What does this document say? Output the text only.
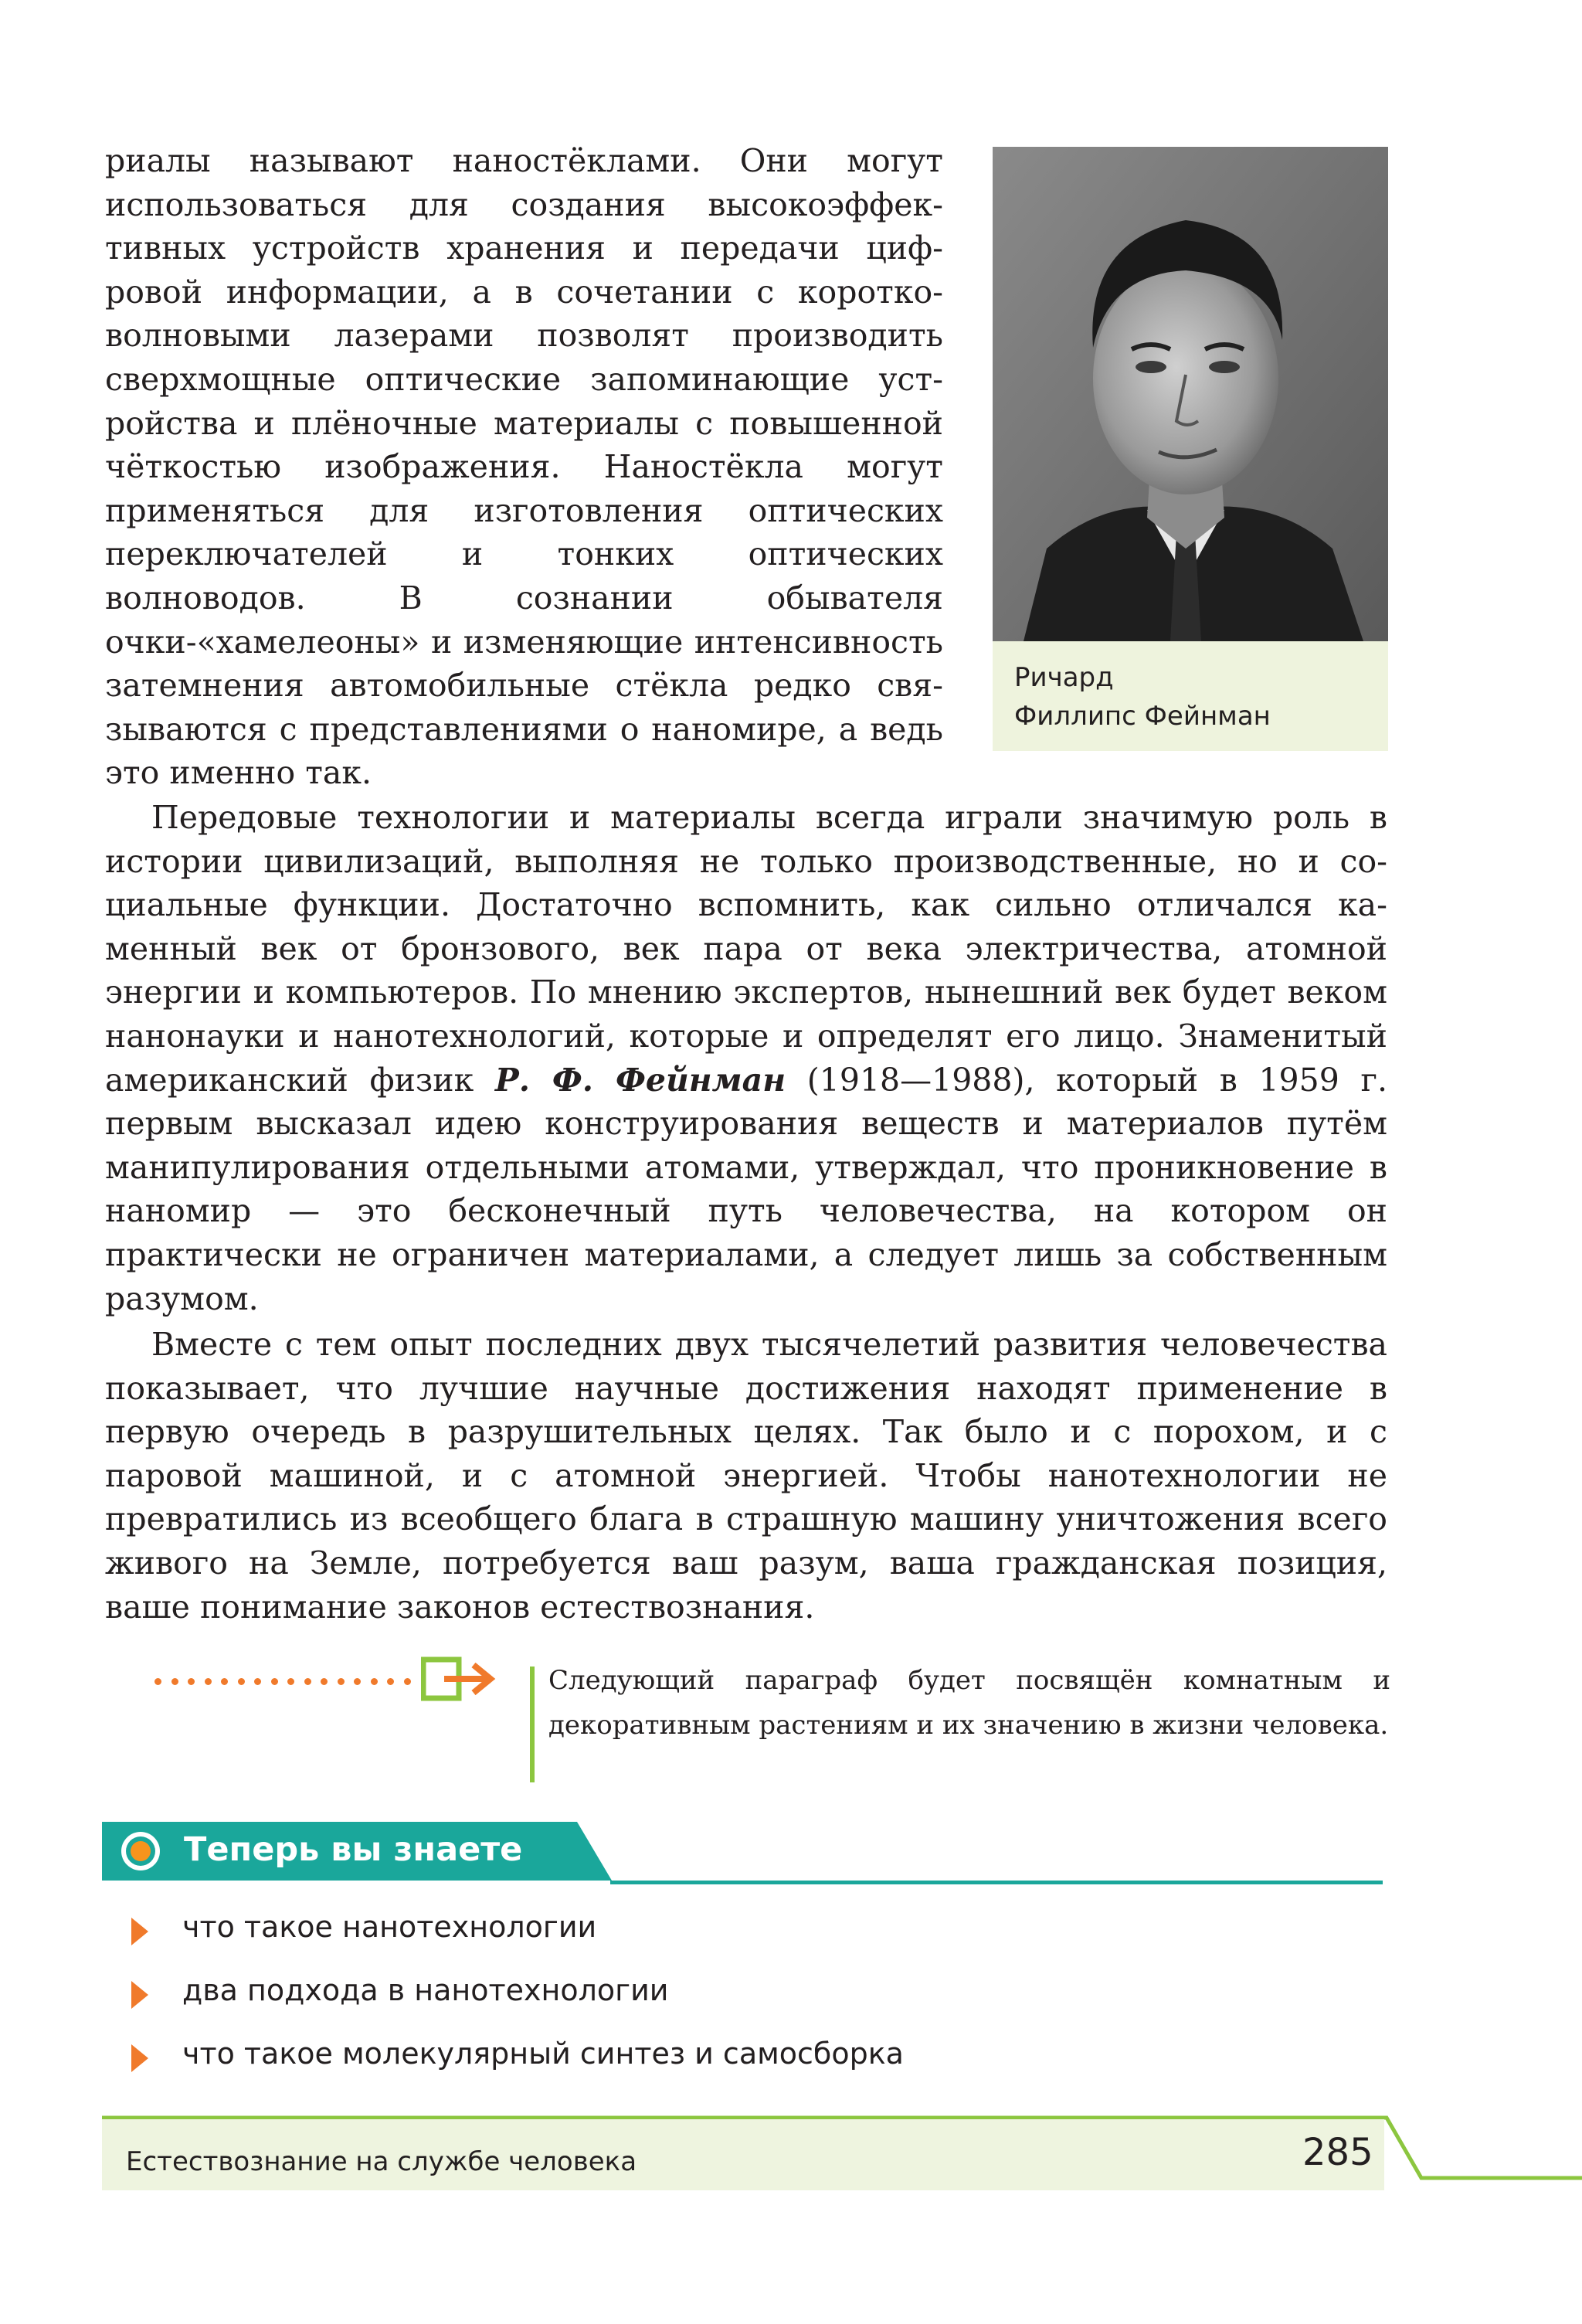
риалы называют наностёклами. Они могут использоваться для создания высокоэффективных устройств хранения и передачи цифровой информации, а в сочетании с коротковолновыми лазерами позволят производить сверхмощные оптические запоминающие устройства и плёночные материалы с повышенной чёткостью изображения. Наностёкла могут применяться для изготовления оптических переключателей и тонких оптических волноводов. В сознании обывателя очки-«хамелеоны» и изменяющие интенсивность затемнения автомобильные стёкла редко связываются с представлениями о наномире, а ведь это именно так.

Ричард
Филлипс Фейнман

Передовые технологии и материалы всегда играли значимую роль в истории цивилизаций, выполняя не только производственные, но и социальные функции. Достаточно вспомнить, как сильно отличался каменный век от бронзового, век пара от века электричества, атомной энергии и компьютеров. По мнению экспертов, нынешний век будет веком нанонауки и нанотехнологий, которые и определят его лицо. Знаменитый американский физик Р. Ф. Фейнман (1918—1988), который в 1959 г. первым высказал идею конструирования веществ и материалов путём манипулирования отдельными атомами, утверждал, что проникновение в наномир — это бесконечный путь человечества, на котором он практически не ограничен материалами, а следует лишь за собственным разумом.

Вместе с тем опыт последних двух тысячелетий развития человечества показывает, что лучшие научные достижения находят применение в первую очередь в разрушительных целях. Так было и с порохом, и с паровой машиной, и с атомной энергией. Чтобы нанотехнологии не превратились из всеобщего блага в страшную машину уничтожения всего живого на Земле, потребуется ваш разум, ваша гражданская позиция, ваше понимание законов естествознания.

Следующий параграф будет посвящён комнатным и декоративным растениям и их значению в жизни человека.

Теперь вы знаете
что такое нанотехнологии
два подхода в нанотехнологии
что такое молекулярный синтез и самосборка
Естествознание на службе человека	285
